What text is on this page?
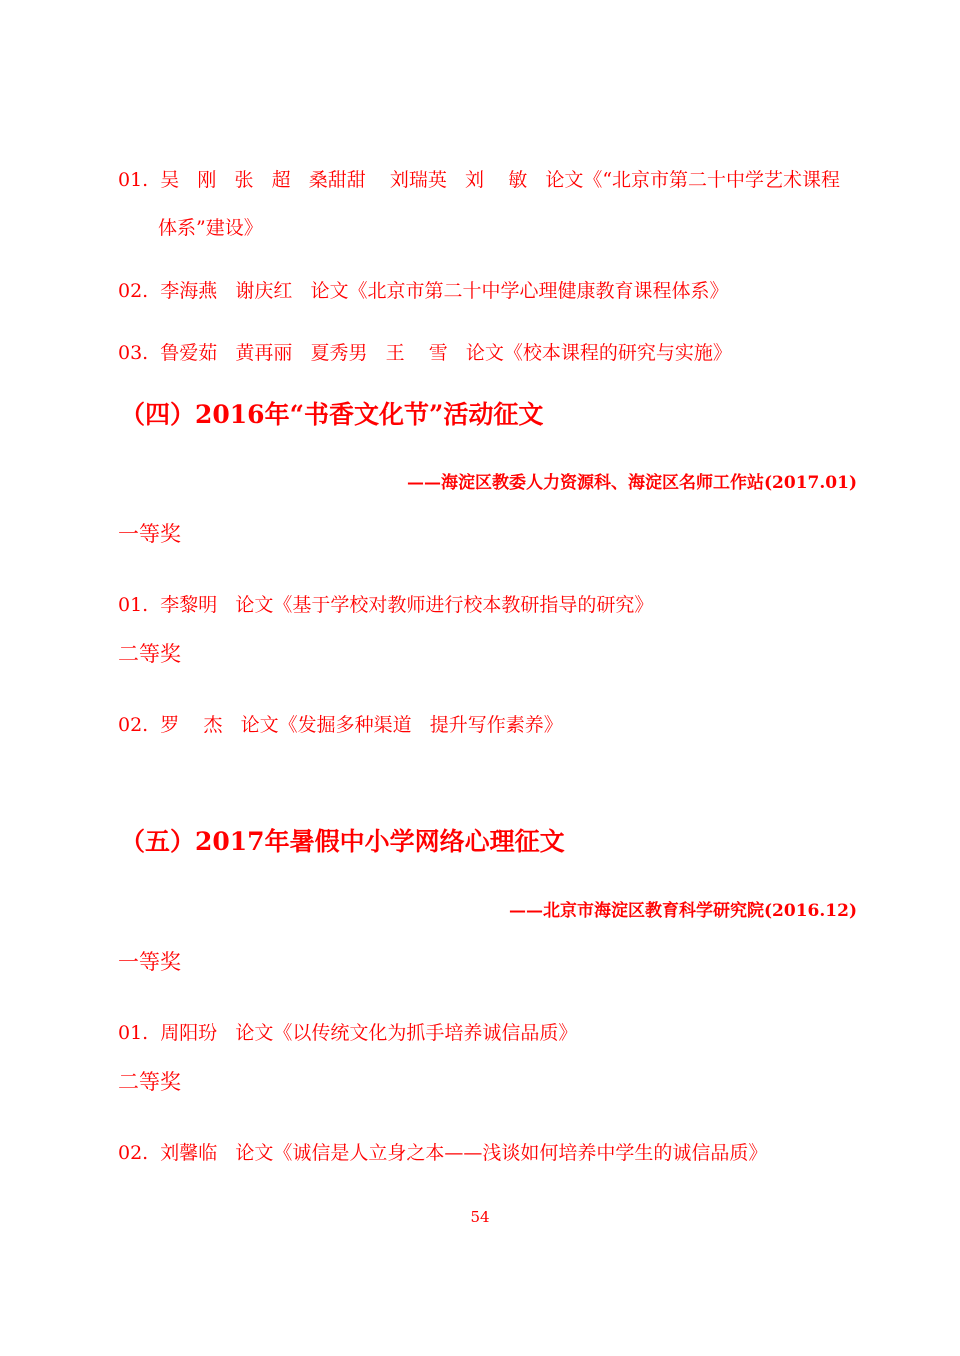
01.  吴   刚   张   超   桑甜甜    刘瑞英   刘    敏   论文《“北京市第二十中学艺术课程
体系”建设》
02.  李海燕   谢庆红   论文《北京市第二十中学心理健康教育课程体系》
03.  鲁爱茹   黄再丽   夏秀男   王    雪   论文《校本课程的研究与实施》
（四）2016年“书香文化节”活动征文
——海淀区教委人力资源科、海淀区名师工作站(2017.01)
一等奖
01.  李黎明   论文《基于学校对教师进行校本教研指导的研究》
二等奖
02.  罗    杰   论文《发掘多种渠道   提升写作素养》
（五）2017年暑假中小学网络心理征文
——北京市海淀区教育科学研究院(2016.12)
一等奖
01.  周阳玢   论文《以传统文化为抓手培养诚信品质》
二等奖
02.  刘馨临   论文《诚信是人立身之本——浅谈如何培养中学生的诚信品质》
54
